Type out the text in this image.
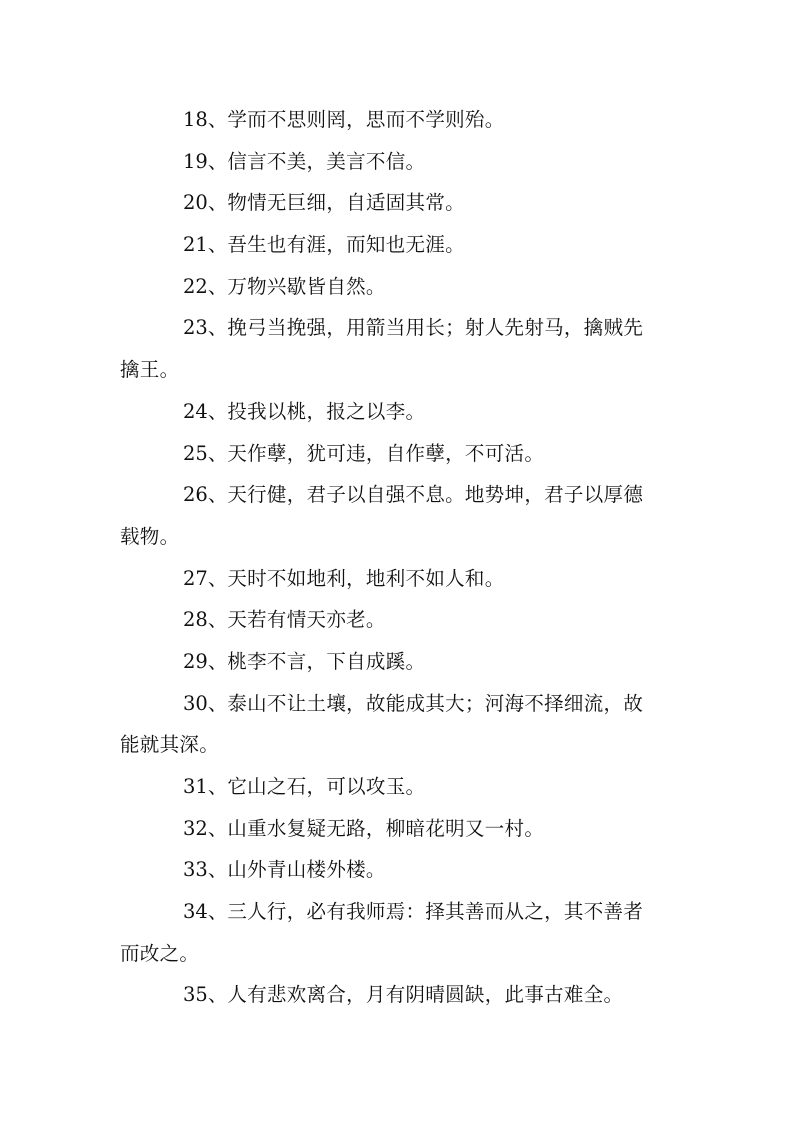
18、学而不思则罔，思而不学则殆。
19、信言不美，美言不信。
20、物情无巨细，自适固其常。
21、吾生也有涯，而知也无涯。
22、万物兴歇皆自然。
23、挽弓当挽强，用箭当用长；射人先射马，擒贼先
擒王。
24、投我以桃，报之以李。
25、天作孽，犹可违，自作孽，不可活。
26、天行健，君子以自强不息。地势坤，君子以厚德
载物。
27、天时不如地利，地利不如人和。
28、天若有情天亦老。
29、桃李不言，下自成蹊。
30、泰山不让土壤，故能成其大；河海不择细流，故
能就其深。
31、它山之石，可以攻玉。
32、山重水复疑无路，柳暗花明又一村。
33、山外青山楼外楼。
34、三人行，必有我师焉：择其善而从之，其不善者
而改之。
35、人有悲欢离合，月有阴晴圆缺，此事古难全。
